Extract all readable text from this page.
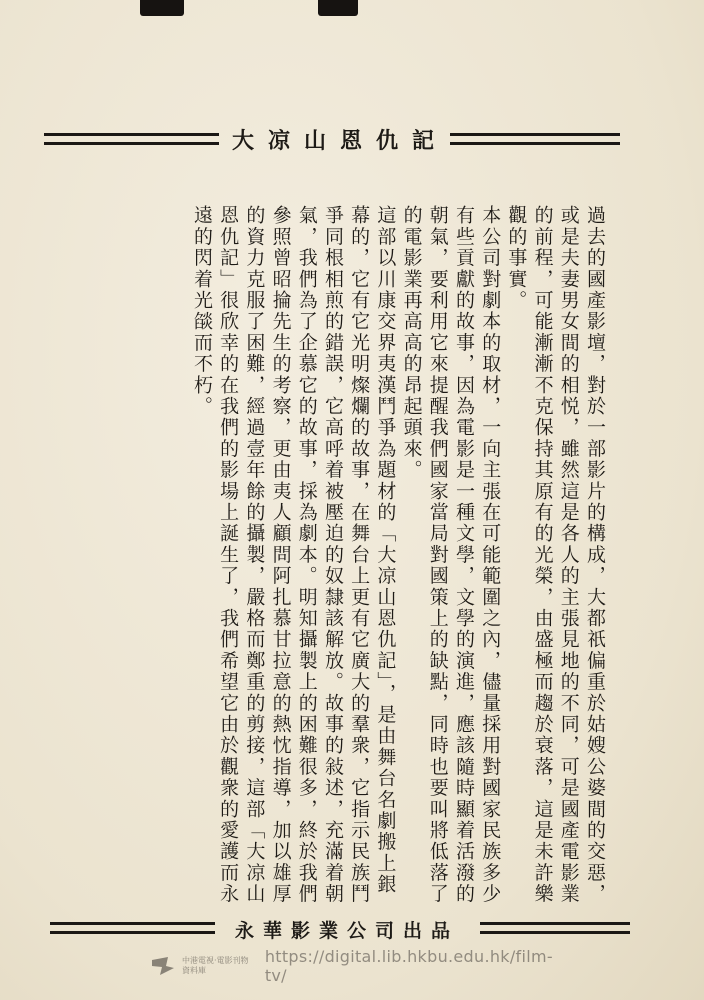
大凉山恩仇記

過去的國產影壇，對於一部影片的構成，大都祇偏重於姑嫂公婆間的交惡，或是夫妻男女間的相悦，雖然這是各人的主張見地的不同，可是國產電影業的前程，可能漸漸不克保持其原有的光榮，由盛極而趨於衰落，這是未許樂觀的事實。

本公司對劇本的取材，一向主張在可能範圍之內，儘量採用對國家民族多少有些貢獻的故事，因為電影是一種文學，文學的演進，應該隨時顯着活潑的朝氣，要利用它來提醒我們國家當局對國策上的缺點，同時也要叫將低落了的電影業再高高的昂起頭來。

這部以川康交界夷漢鬥爭為題材的「大凉山恩仇記」，是由舞台名劇搬上銀幕的，它有它光明燦爛的故事，在舞台上更有它廣大的羣衆，它指示民族鬥爭同根相煎的錯誤，它高呼着被壓迫的奴隸該解放。故事的敍述，充滿着朝氣，我們為了企慕它的故事，採為劇本。明知攝製上的困難很多，終於我們參照曾昭掄先生的考察，更由夷人顧問阿扎慕甘拉意的熱忱指導，加以雄厚的資力克服了困難，經過壹年餘的攝製，嚴格而鄭重的剪接，這部「大凉山恩仇記」很欣幸的在我們的影場上誕生了，我們希望它由於觀衆的愛護而永遠的閃着光燄而不朽。

永華影業公司出品
中港電視·電影刊物資料庫
https://digital.lib.hkbu.edu.hk/film-tv/
